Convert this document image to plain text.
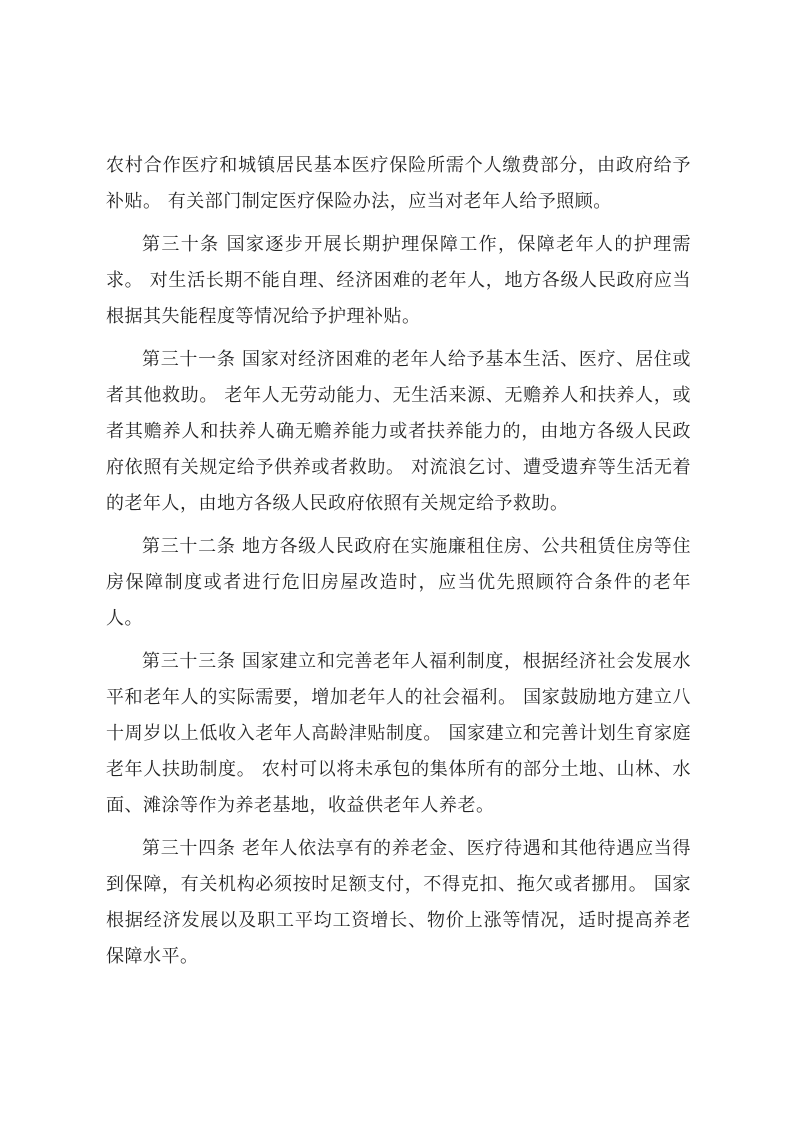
农村合作医疗和城镇居民基本医疗保险所需个人缴费部分，由政府给予补贴。 有关部门制定医疗保险办法，应当对老年人给予照顾。

第三十条 国家逐步开展长期护理保障工作，保障老年人的护理需求。 对生活长期不能自理、经济困难的老年人，地方各级人民政府应当根据其失能程度等情况给予护理补贴。

第三十一条 国家对经济困难的老年人给予基本生活、医疗、居住或者其他救助。 老年人无劳动能力、无生活来源、无赡养人和扶养人，或者其赡养人和扶养人确无赡养能力或者扶养能力的，由地方各级人民政府依照有关规定给予供养或者救助。 对流浪乞讨、遭受遗弃等生活无着的老年人，由地方各级人民政府依照有关规定给予救助。

第三十二条 地方各级人民政府在实施廉租住房、公共租赁住房等住房保障制度或者进行危旧房屋改造时，应当优先照顾符合条件的老年人。

第三十三条 国家建立和完善老年人福利制度，根据经济社会发展水平和老年人的实际需要，增加老年人的社会福利。 国家鼓励地方建立八十周岁以上低收入老年人高龄津贴制度。 国家建立和完善计划生育家庭老年人扶助制度。 农村可以将未承包的集体所有的部分土地、山林、水面、滩涂等作为养老基地，收益供老年人养老。

第三十四条 老年人依法享有的养老金、医疗待遇和其他待遇应当得到保障，有关机构必须按时足额支付，不得克扣、拖欠或者挪用。 国家根据经济发展以及职工平均工资增长、物价上涨等情况，适时提高养老保障水平。
